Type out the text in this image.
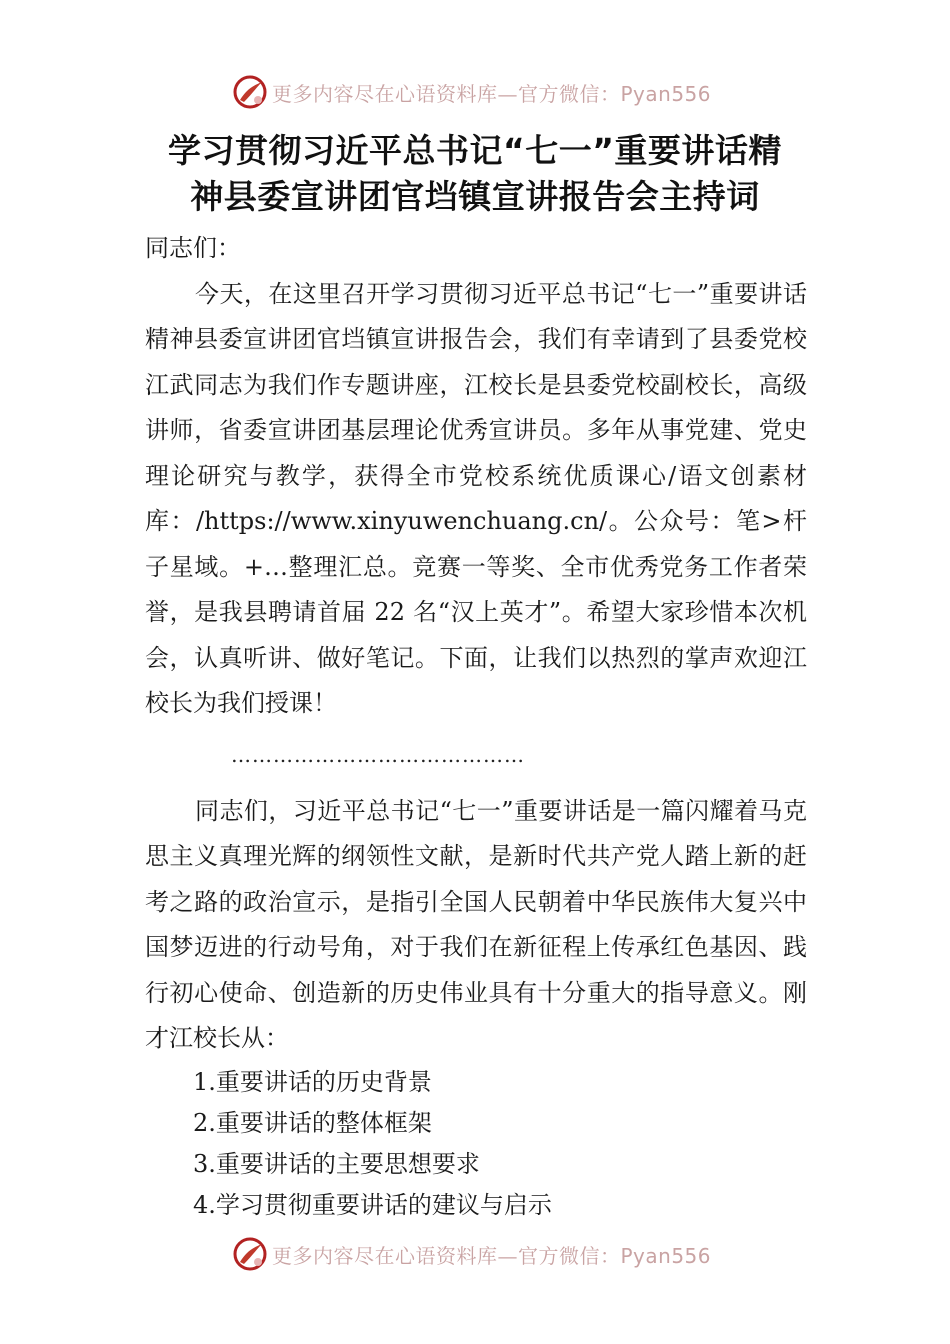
更多内容尽在心语资料库—官方微信：Pyan556
学习贯彻习近平总书记“七一”重要讲话精
神县委宣讲团官垱镇宣讲报告会主持词

同志们：

今天，在这里召开学习贯彻习近平总书记“七一”重要讲话精神县委宣讲团官垱镇宣讲报告会，我们有幸请到了县委党校江武同志为我们作专题讲座，江校长是县委党校副校长，高级讲师，省委宣讲团基层理论优秀宣讲员。多年从事党建、党史理论研究与教学，获得全市党校系统优质课心/语文创素材库：/https://www.xinyuwenchuang.cn/。公众号：笔>杆子星域。+…整理汇总。竞赛一等奖、全市优秀党务工作者荣誉，是我县聘请首届 22 名“汉上英才”。希望大家珍惜本次机会，认真听讲、做好笔记。下面，让我们以热烈的掌声欢迎江校长为我们授课！

……………………………………

同志们，习近平总书记“七一”重要讲话是一篇闪耀着马克思主义真理光辉的纲领性文献，是新时代共产党人踏上新的赶考之路的政治宣示，是指引全国人民朝着中华民族伟大复兴中国梦迈进的行动号角，对于我们在新征程上传承红色基因、践行初心使命、创造新的历史伟业具有十分重大的指导意义。刚才江校长从：

1.重要讲话的历史背景
2.重要讲话的整体框架
3.重要讲话的主要思想要求
4.学习贯彻重要讲话的建议与启示
更多内容尽在心语资料库—官方微信：Pyan556
